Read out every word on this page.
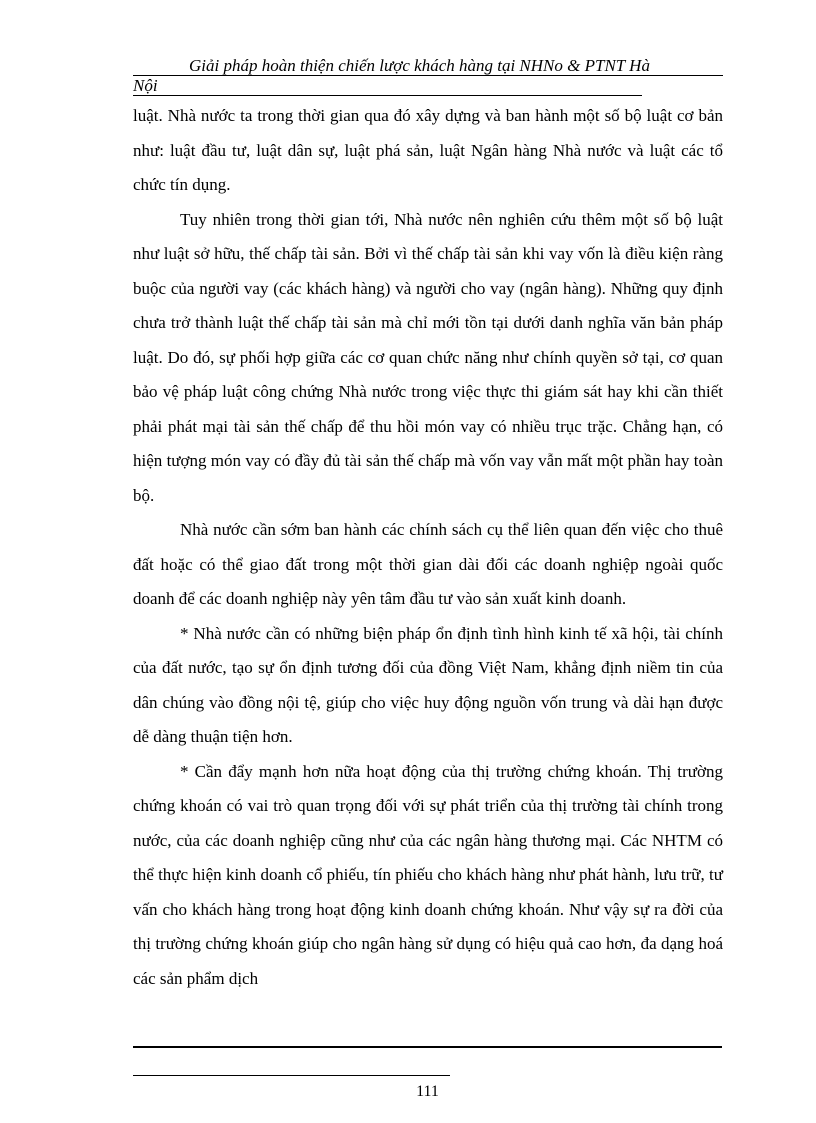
Giải pháp hoàn thiện chiến lược khách hàng tại NHNo & PTNT Hà
Nội

luật. Nhà nước ta trong thời gian qua đó xây dựng và ban hành một số bộ luật cơ bản như: luật đầu tư, luật dân sự, luật phá sản, luật Ngân hàng Nhà nước và luật các tổ chức tín dụng.

Tuy nhiên trong thời gian tới, Nhà nước nên nghiên cứu thêm một số bộ luật như luật sở hữu, thế chấp tài sản. Bởi vì thế chấp tài sản khi vay vốn là điều kiện ràng buộc của người vay (các khách hàng) và người cho vay (ngân hàng). Những quy định chưa trở thành luật thế chấp tài sản mà chỉ mới tồn tại dưới danh nghĩa văn bản pháp luật. Do đó, sự phối hợp giữa các cơ quan chức năng như chính quyền sở tại, cơ quan bảo vệ pháp luật công chứng Nhà nước trong việc thực thi giám sát hay khi cần thiết phải phát mại tài sản thế chấp để thu hồi món vay có nhiều trục trặc. Chẳng hạn, có hiện tượng món vay có đầy đủ tài sản thế chấp mà vốn vay vẫn mất một phần hay toàn bộ.

Nhà nước cần sớm ban hành các chính sách cụ thể liên quan đến việc cho thuê đất hoặc có thể giao đất trong một thời gian dài đối các doanh nghiệp ngoài quốc doanh để các doanh nghiệp này yên tâm đầu tư vào sản xuất kinh doanh.

* Nhà nước cần có những biện pháp ổn định tình hình kinh tế xã hội, tài chính của đất nước, tạo sự ổn định tương đối của đồng Việt Nam, khẳng định niềm tin của dân chúng vào đồng nội tệ, giúp cho việc huy động nguồn vốn trung và dài hạn được dễ dàng thuận tiện hơn.

* Cần đẩy mạnh hơn nữa hoạt động của thị trường chứng khoán. Thị trường chứng khoán có vai trò quan trọng đối với sự phát triển của thị trường tài chính trong nước, của các doanh nghiệp cũng như của các ngân hàng thương mại. Các NHTM có thể thực hiện kinh doanh cổ phiếu, tín phiếu cho khách hàng như phát hành, lưu trữ, tư vấn cho khách hàng trong hoạt động kinh doanh chứng khoán. Như vậy sự ra đời của thị trường chứng khoán giúp cho ngân hàng sử dụng có hiệu quả cao hơn, đa dạng hoá các sản phẩm dịch

111
